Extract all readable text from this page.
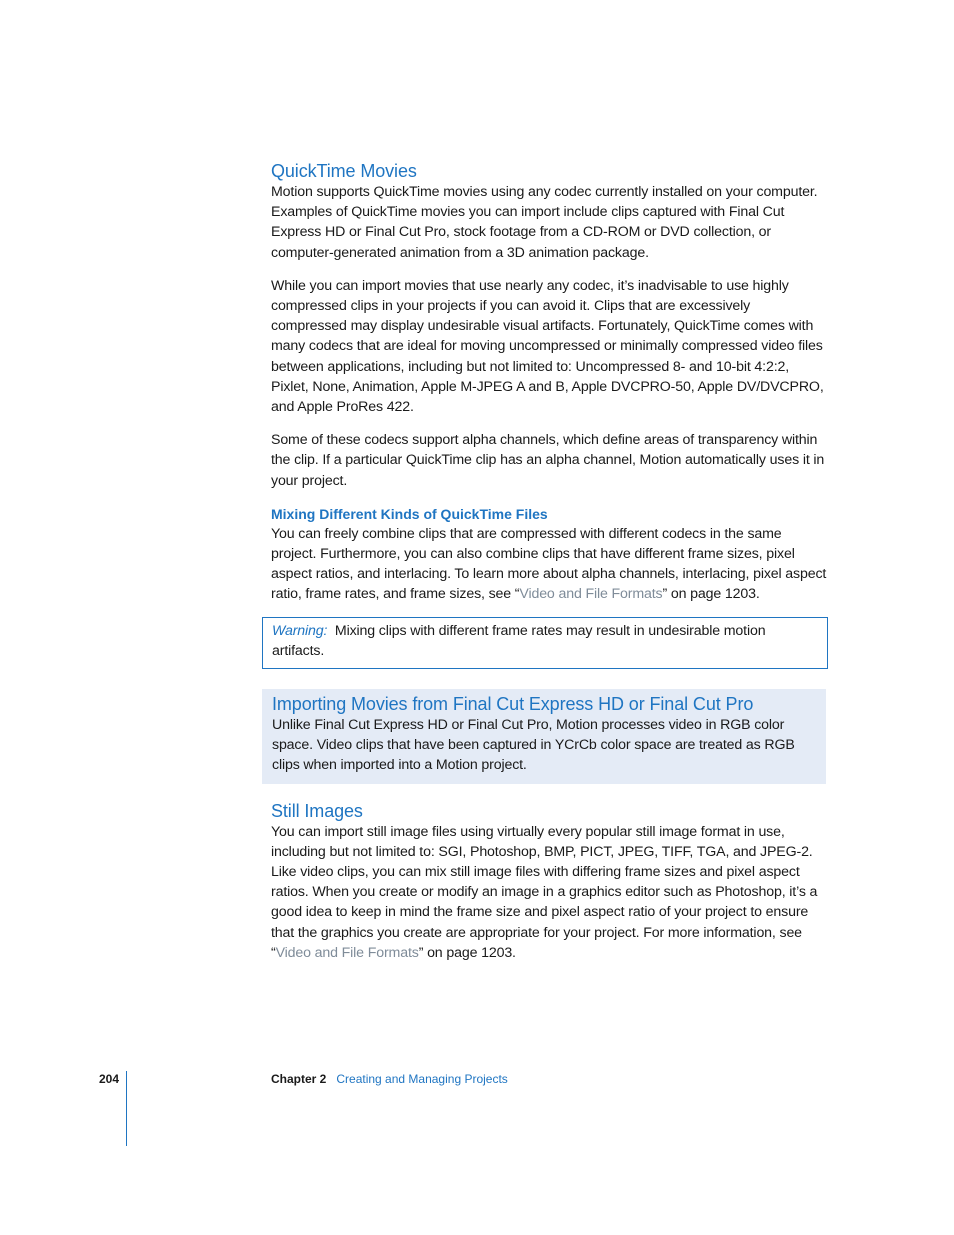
QuickTime Movies

Motion supports QuickTime movies using any codec currently installed on your computer. Examples of QuickTime movies you can import include clips captured with Final Cut Express HD or Final Cut Pro, stock footage from a CD-ROM or DVD collection, or computer-generated animation from a 3D animation package.

While you can import movies that use nearly any codec, it’s inadvisable to use highly compressed clips in your projects if you can avoid it. Clips that are excessively compressed may display undesirable visual artifacts. Fortunately, QuickTime comes with many codecs that are ideal for moving uncompressed or minimally compressed video files between applications, including but not limited to: Uncompressed 8- and 10-bit 4:2:2, Pixlet, None, Animation, Apple M-JPEG A and B, Apple DVCPRO-50, Apple DV/DVCPRO, and Apple ProRes 422.

Some of these codecs support alpha channels, which define areas of transparency within the clip. If a particular QuickTime clip has an alpha channel, Motion automatically uses it in your project.

Mixing Different Kinds of QuickTime Files

You can freely combine clips that are compressed with different codecs in the same project. Furthermore, you can also combine clips that have different frame sizes, pixel aspect ratios, and interlacing. To learn more about alpha channels, interlacing, pixel aspect ratio, frame rates, and frame sizes, see “Video and File Formats” on page 1203.

Warning: Mixing clips with different frame rates may result in undesirable motion artifacts.

Importing Movies from Final Cut Express HD or Final Cut Pro

Unlike Final Cut Express HD or Final Cut Pro, Motion processes video in RGB color space. Video clips that have been captured in YCrCb color space are treated as RGB clips when imported into a Motion project.

Still Images

You can import still image files using virtually every popular still image format in use, including but not limited to: SGI, Photoshop, BMP, PICT, JPEG, TIFF, TGA, and JPEG-2. Like video clips, you can mix still image files with differing frame sizes and pixel aspect ratios. When you create or modify an image in a graphics editor such as Photoshop, it’s a good idea to keep in mind the frame size and pixel aspect ratio of your project to ensure that the graphics you create are appropriate for your project. For more information, see “Video and File Formats” on page 1203.

204	Chapter 2 Creating and Managing Projects
